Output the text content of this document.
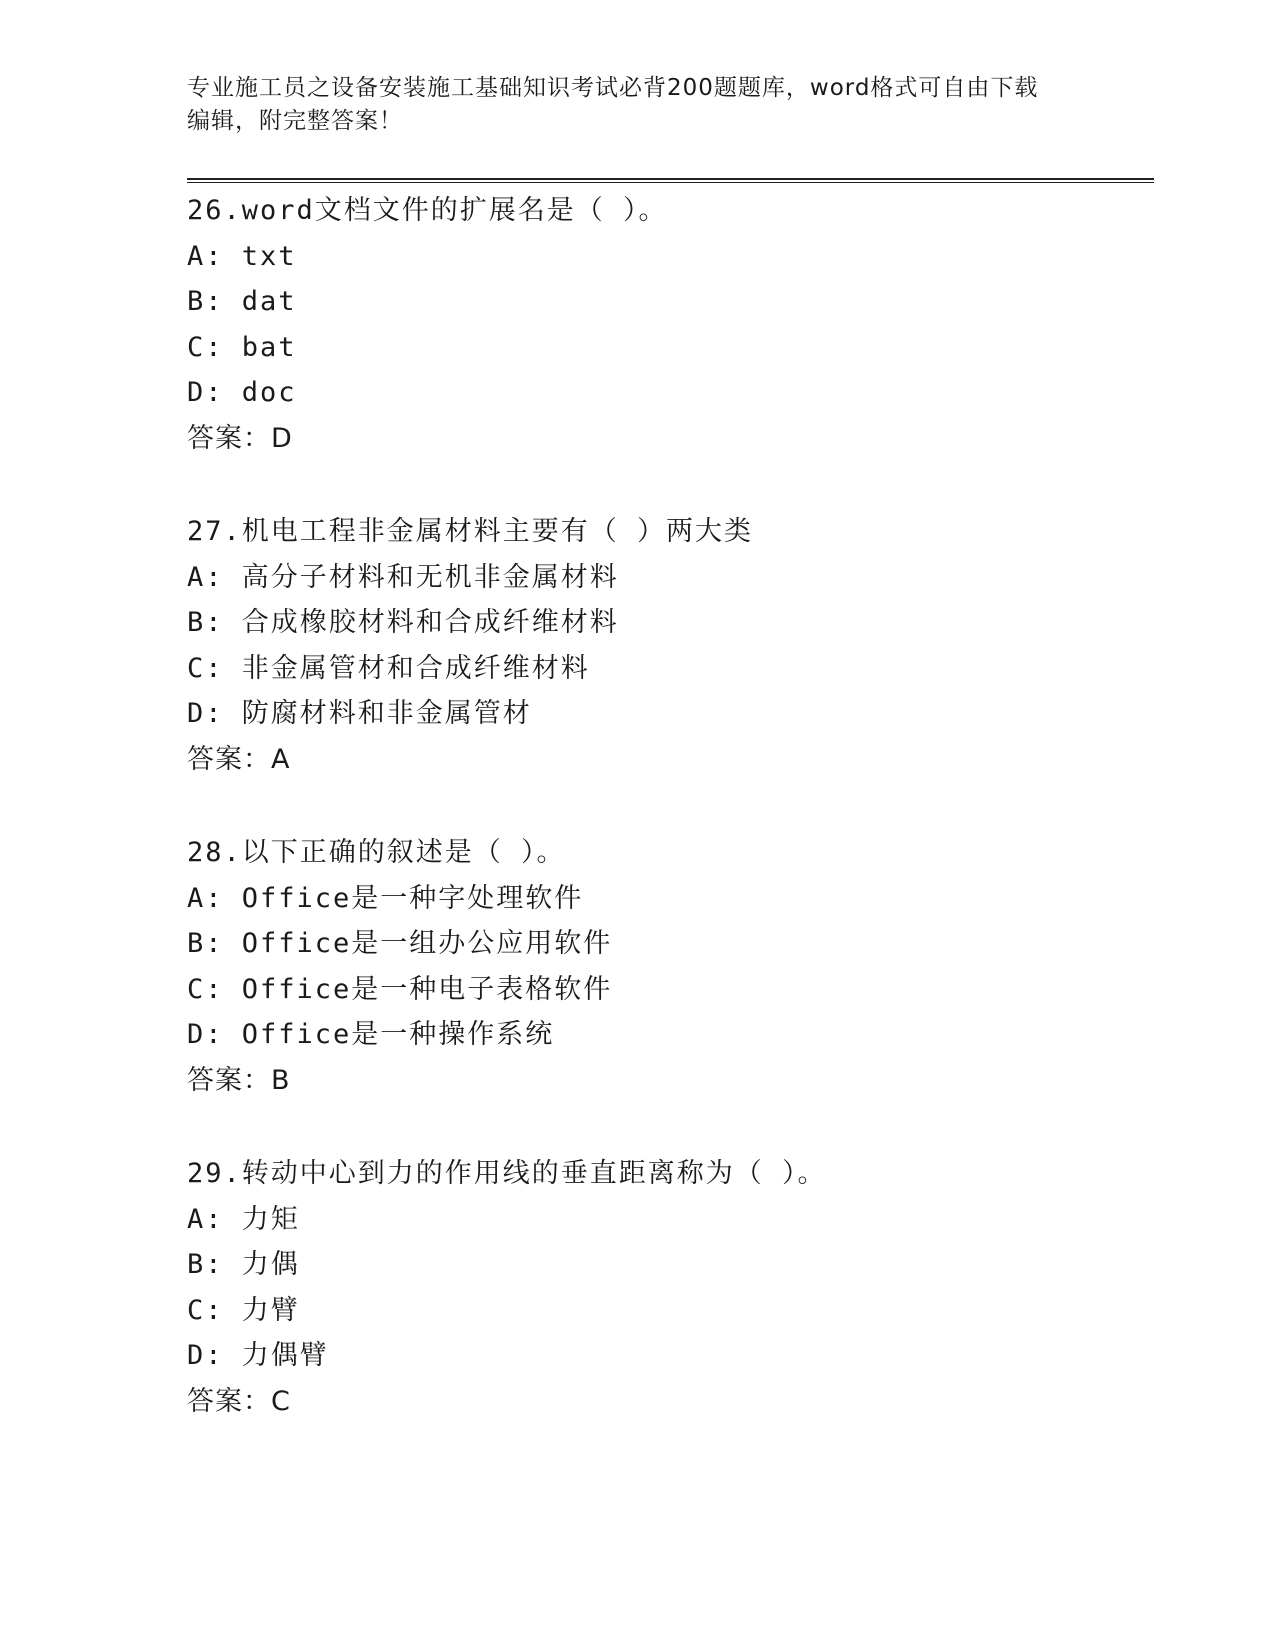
专业施工员之设备安装施工基础知识考试必背200题题库，word格式可自由下载
编辑，附完整答案！
26.word文档文件的扩展名是（ ）。
A: txt
B: dat
C: bat
D: doc
答案：D
27.机电工程非金属材料主要有（ ）两大类
A: 高分子材料和无机非金属材料
B: 合成橡胶材料和合成纤维材料
C: 非金属管材和合成纤维材料
D: 防腐材料和非金属管材
答案：A
28.以下正确的叙述是（ ）。
A: Office是一种字处理软件
B: Office是一组办公应用软件
C: Office是一种电子表格软件
D: Office是一种操作系统
答案：B
29.转动中心到力的作用线的垂直距离称为（ ）。
A: 力矩
B: 力偶
C: 力臂
D: 力偶臂
答案：C
